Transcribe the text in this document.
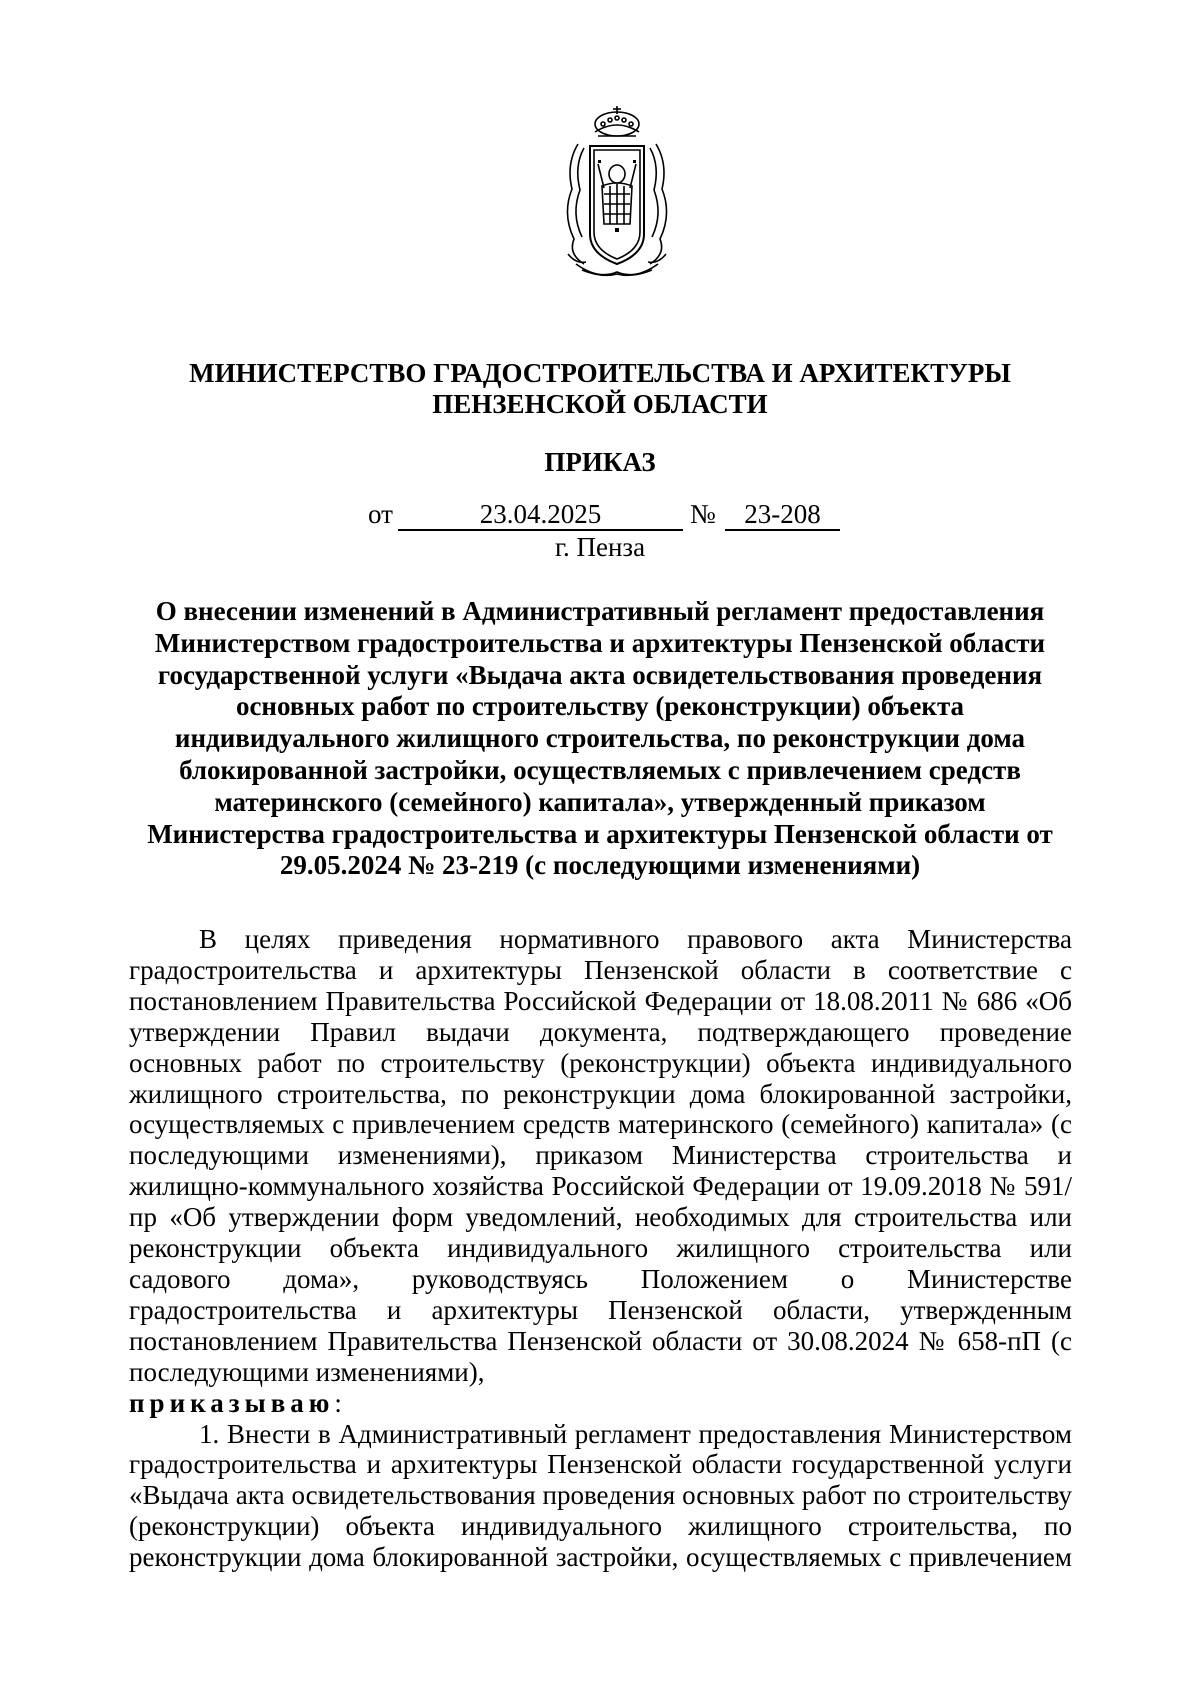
МИНИСТЕРСТВО ГРАДОСТРОИТЕЛЬСТВА И АРХИТЕКТУРЫ
ПЕНЗЕНСКОЙ ОБЛАСТИ
ПРИКАЗ
от	23.04.2025	№	23-208
г. Пенза
О внесении изменений в Административный регламент предоставления Министерством градостроительства и архитектуры Пензенской области государственной услуги «Выдача акта освидетельствования проведения основных работ по строительству (реконструкции) объекта индивидуального жилищного строительства, по реконструкции дома блокированной застройки, осуществляемых с привлечением средств материнского (семейного) капитала», утвержденный приказом Министерства градостроительства и архитектуры Пензенской области от 29.05.2024 № 23-219 (с последующими изменениями)

В целях приведения нормативного правового акта Министерства градостроительства и архитектуры Пензенской области в соответствие с постановлением Правительства Российской Федерации от 18.08.2011 № 686 «Об утверждении Правил выдачи документа, подтверждающего проведение основных работ по строительству (реконструкции) объекта индивидуального жилищного строительства, по реконструкции дома блокированной застройки, осуществляемых с привлечением средств материнского (семейного) капитала» (с последующими изменениями), приказом Министерства строительства и жилищно-коммунального хозяйства Российской Федерации от 19.09.2018 № 591/пр «Об утверждении форм уведомлений, необходимых для строительства или реконструкции объекта индивидуального жилищного строительства или садового дома», руководствуясь Положением о Министерстве градостроительства и архитектуры Пензенской области, утвержденным постановлением Правительства Пензенской области от 30.08.2024 № 658-пП (с последующими изменениями),
приказываю:

1. Внести в Административный регламент предоставления Министерством градостроительства и архитектуры Пензенской области государственной услуги «Выдача акта освидетельствования проведения основных работ по строительству (реконструкции) объекта индивидуального жилищного строительства, по реконструкции дома блокированной застройки, осуществляемых с привлечением
